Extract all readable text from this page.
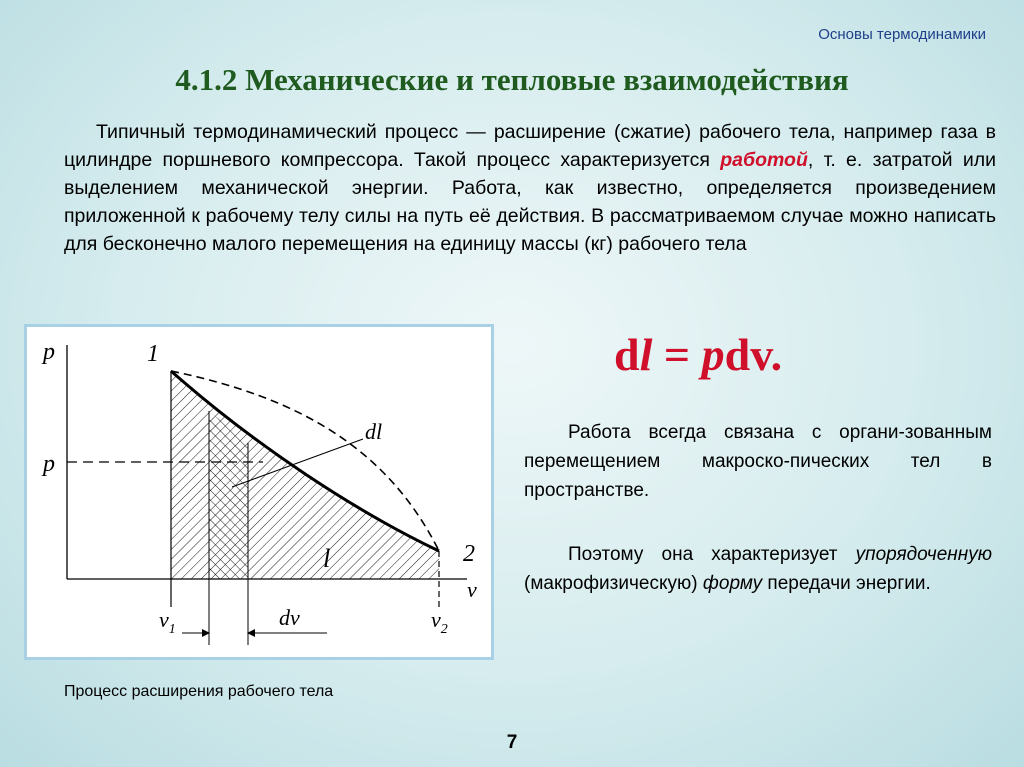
Основы термодинамики
4.1.2 Механические и тепловые взаимодействия

Типичный термодинамический процесс — расширение (сжатие) рабочего тела, например газа в цилиндре поршневого компрессора. Такой процесс характеризуется работой, т. е. затратой или выделением механической энергии. Работа, как известно, определяется произведением приложенной к рабочему телу силы на путь её действия. В рассматриваемом случае можно написать для бесконечно малого перемещения на единицу массы (кг) рабочего тела

p
v
1
2
p
dl
l
$v_1$	$v_2$
dv
Процесс расширения рабочего тела
dl = pdv.

Работа всегда связана с органи-зованным перемещением макроско-пических тел в пространстве.

Поэтому она характеризует упорядоченную (макрофизическую) форму передачи энергии.

7
